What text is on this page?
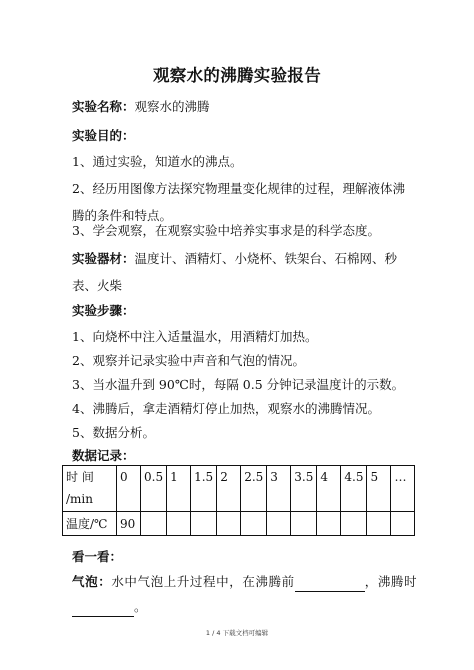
观察水的沸腾实验报告
实验名称：观察水的沸腾
实验目的：
1、通过实验，知道水的沸点。
2、经历用图像方法探究物理量变化规律的过程，理解液体沸腾的条件和特点。
3、学会观察，在观察实验中培养实事求是的科学态度。
实验器材：温度计、酒精灯、小烧杯、铁架台、石棉网、秒表、火柴
实验步骤：
1、向烧杯中注入适量温水，用酒精灯加热。
2、观察并记录实验中声音和气泡的情况。
3、当水温升到 90℃时，每隔 0.5 分钟记录温度计的示数。
4、沸腾后，拿走酒精灯停止加热，观察水的沸腾情况。
5、数据分析。
数据记录：
时 间 /min	0	0.5	1	1.5	2	2.5	3	3.5	4	4.5	5	…
温度/℃	90											
看一看：
气泡：水中气泡上升过程中，在沸腾前	，沸腾时
。
1 / 4 下载文档可编辑
